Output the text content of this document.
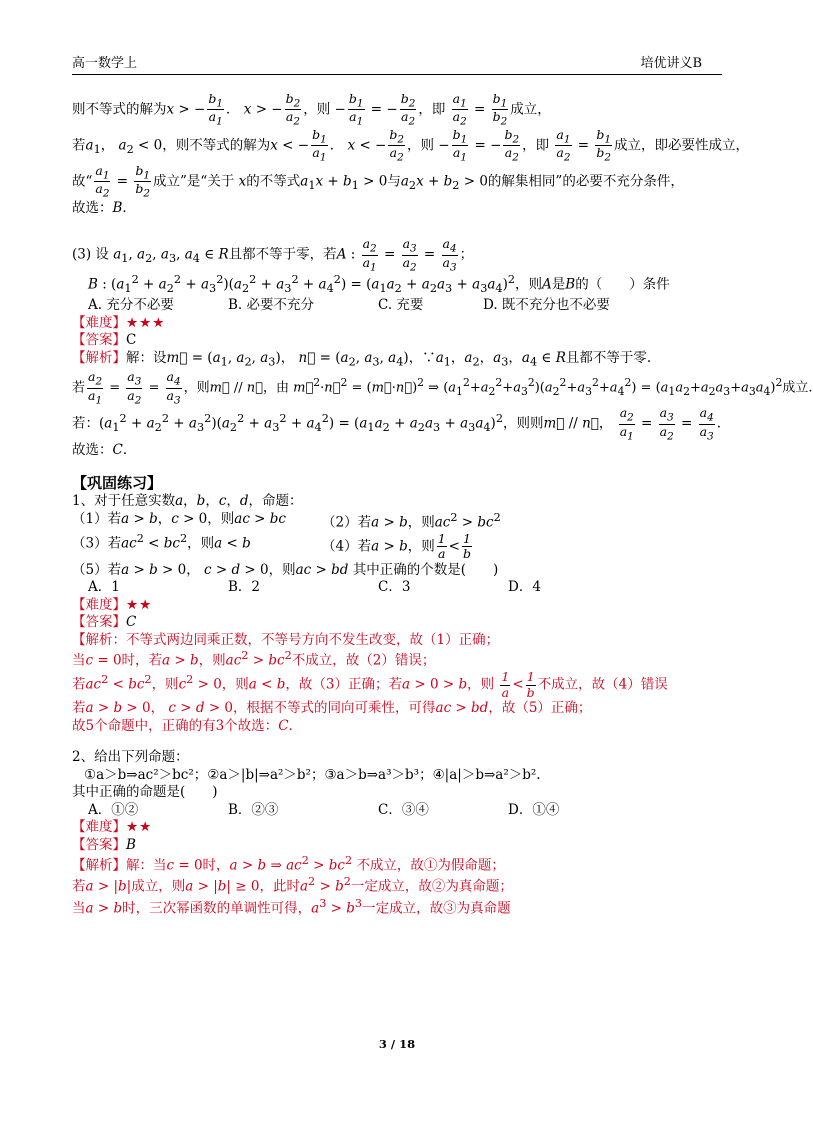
高一数学上	培优讲义B

则不等式的解为x > − $\frac{b_1}{a_1}$ ． x > − $\frac{b_2}{a_2}$ ，则 − $\frac{b_1}{a_1}$ = − $\frac{b_2}{a_2}$ ，即 $\frac{a_1}{a_2} = \frac{b_1}{b_2}$ 成立，

若$a_1$， $a_2 < 0$，则不等式的解为x < − $\frac{b_1}{a_1}$ ． x < − $\frac{b_2}{a_2}$ ，则 − $\frac{b_1}{a_1}$ = − $\frac{b_2}{a_2}$ ，即 $\frac{a_1}{a_2} = \frac{b_1}{b_2}$ 成立，即必要性成立，

故“ $\frac{a_1}{a_2} = \frac{b_1}{b_2}$ 成立”是“关于 x的不等式$a_1x + b_1 > 0$与$a_2x + b_2 > 0$的解集相同”的必要不充分条件，

故选：B．

(3) 设 $a_1$, $a_2$, $a_3$, $a_4$ ∈ R且都不等于零，若A : $\frac{a_2}{a_1} = \frac{a_3}{a_2} = \frac{a_4}{a_3}$ ；

B : $(a_1^2 + a_2^2 + a_3^2)(a_2^2 + a_3^2 + a_4^2) = (a_1a_2 + a_2a_3 + a_3a_4)^2$，则A是B的（　　）条件

A. 充分不必要	B. 必要不充分	C. 充要	D. 既不充分也不必要

【难度】★★★

【答案】C

【解析】解：设m⃗ = ($a_1$, $a_2$, $a_3$)， n⃗ = ($a_2$, $a_3$, $a_4$)，$\because a_1$，$a_2$，$a_3$，$a_4$ ∈ R且都不等于零.

若 $\frac{a_2}{a_1} = \frac{a_3}{a_2} = \frac{a_4}{a_3}$ ，则m⃗ // n⃗，由 m⃗$^2$·n⃗$^2$ = (m⃗·n⃗)$^2$ ⇒ $(a_1^2+a_2^2+a_3^2)(a_2^2+a_3^2+a_4^2) = (a_1a_2+a_2a_3+a_3a_4)^2$成立.

若：$(a_1^2 + a_2^2 + a_3^2)(a_2^2 + a_3^2 + a_4^2) = (a_1a_2 + a_2a_3 + a_3a_4)^2$，则则m⃗ // n⃗， $\frac{a_2}{a_1} = \frac{a_3}{a_2} = \frac{a_4}{a_3}$ .

故选：C．

【巩固练习】

1、对于任意实数a，b，c，d，命题：

（1）若a > b，c > 0，则ac > bc	（2）若a > b，则$ac^2 > bc^2$
（3）若$ac^2 < bc^2$，则a < b	（4）若a > b，则 $\frac{1}{a} < \frac{1}{b}$

（5）若a > b > 0， c > d > 0，则ac > bd 其中正确的个数是(　　)

A．1	B．2	C．3	D．4

【难度】★★

【答案】C

【解析：不等式两边同乘正数，不等号方向不发生改变，故（1）正确；

当c = 0时，若a > b，则$ac^2 > bc^2$不成立，故（2）错误；

若$ac^2 < bc^2$，则$c^2 > 0$，则a < b，故（3）正确；若a > 0 > b，则 $\frac{1}{a} < \frac{1}{b}$ 不成立，故（4）错误

若a > b > 0， c > d > 0，根据不等式的同向可乘性，可得ac > bd，故（5）正确；

故5个命题中，正确的有3个故选：C．

2、给出下列命题：

①a＞b⇒ac²＞bc²；②a＞|b|⇒a²＞b²；③a＞b⇒a³＞b³；④|a|＞b⇒a²＞b².

其中正确的命题是(　　)

A．①②	B．②③	C．③④	D．①④

【难度】★★

【答案】B

【解析】解：当c = 0时，a > b ⇒ $ac^2 > bc^2$ 不成立，故①为假命题；

若a > |b|成立，则a > |b| ≥ 0，此时$a^2 > b^2$一定成立，故②为真命题；

当a > b时，三次幂函数的单调性可得，$a^3 > b^3$一定成立，故③为真命题

3 / 18
